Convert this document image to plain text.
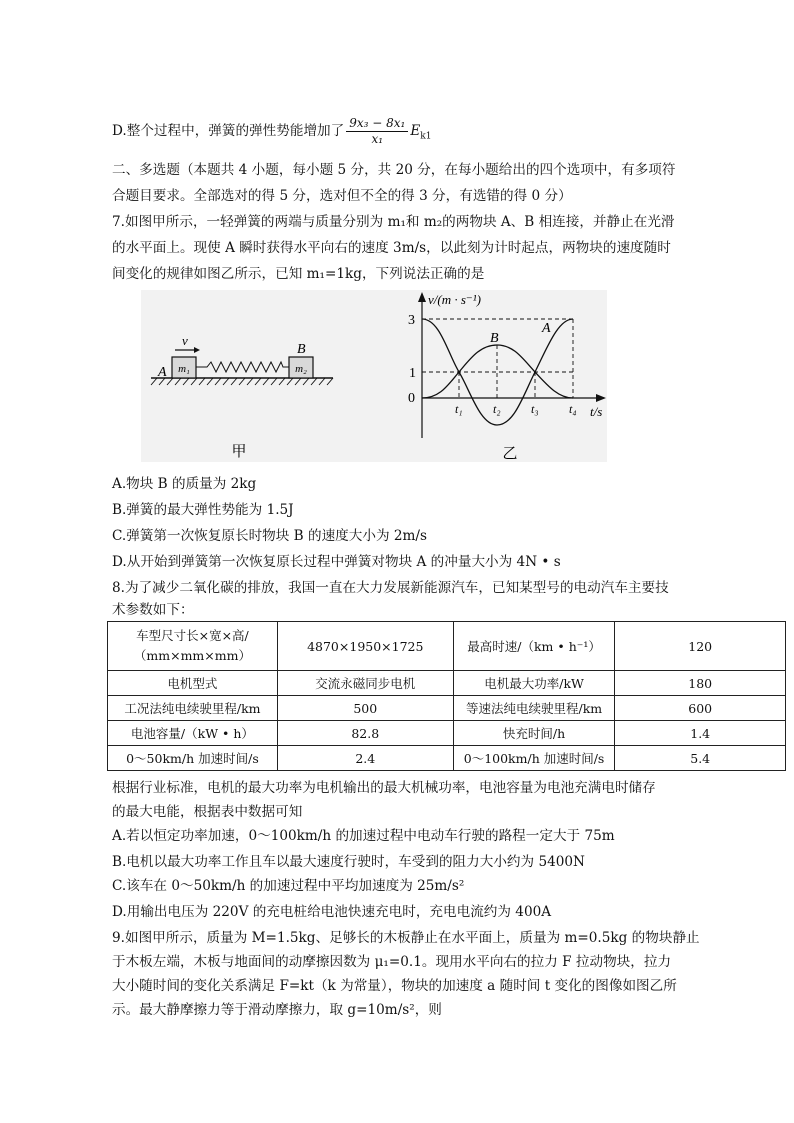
D.整个过程中，弹簧的弹性势能增加了 $\frac{\text{9x₃ − 8x₁}}{\text{x₁}} E_{k1}$
二、多选题（本题共 4 小题，每小题 5 分，共 20 分，在每小题给出的四个选项中，有多项符
合题目要求。全部选对的得 5 分，选对但不全的得 3 分，有选错的得 0 分）
7.如图甲所示，一轻弹簧的两端与质量分别为 m₁和 m₂的两物块 A、B 相连接，并静止在光滑
的水平面上。现使 A 瞬时获得水平向右的速度 3m/s，以此刻为计时起点，两物块的速度随时
间变化的规律如图乙所示，已知 m₁=1kg，下列说法正确的是
m₁	m₂
v
A
B
甲
v/(m · s⁻¹)
t/s
3
1
0
t₁	t₂	t₃	t₄
A
B
乙
A.物块 B 的质量为 2kg
B.弹簧的最大弹性势能为 1.5J
C.弹簧第一次恢复原长时物块 B 的速度大小为 2m/s
D.从开始到弹簧第一次恢复原长过程中弹簧对物块 A 的冲量大小为 4N • s
8.为了减少二氧化碳的排放，我国一直在大力发展新能源汽车，已知某型号的电动汽车主要技
术参数如下：
车型尺寸长×宽×高/
（mm×mm×mm）	4870×1950×1725	最高时速/（km • h⁻¹）	120
电机型式	交流永磁同步电机	电机最大功率/kW	180
工况法纯电续驶里程/km	500	等速法纯电续驶里程/km	600
电池容量/（kW • h）	82.8	快充时间/h	1.4
0～50km/h 加速时间/s	2.4	0～100km/h 加速时间/s	5.4
根据行业标准，电机的最大功率为电机输出的最大机械功率，电池容量为电池充满电时储存
的最大电能，根据表中数据可知
A.若以恒定功率加速，0～100km/h 的加速过程中电动车行驶的路程一定大于 75m
B.电机以最大功率工作且车以最大速度行驶时，车受到的阻力大小约为 5400N
C.该车在 0～50km/h 的加速过程中平均加速度为 25m/s²
D.用输出电压为 220V 的充电桩给电池快速充电时，充电电流约为 400A
9.如图甲所示，质量为 M=1.5kg、足够长的木板静止在水平面上，质量为 m=0.5kg 的物块静止
于木板左端，木板与地面间的动摩擦因数为 μ₁=0.1。现用水平向右的拉力 F 拉动物块，拉力
大小随时间的变化关系满足 F=kt（k 为常量），物块的加速度 a 随时间 t 变化的图像如图乙所
示。最大静摩擦力等于滑动摩擦力，取 g=10m/s²，则
